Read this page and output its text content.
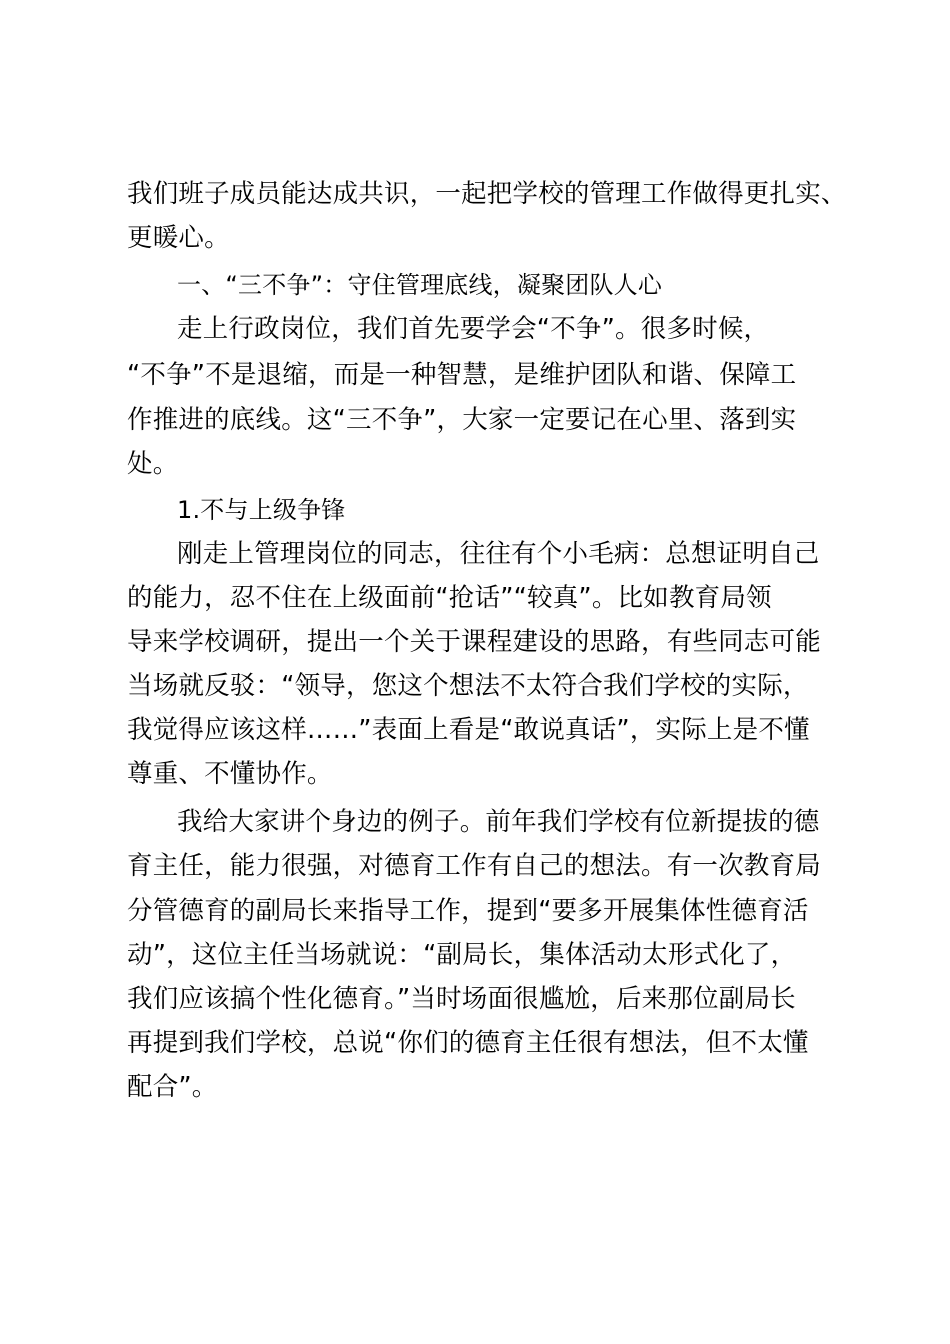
我们班子成员能达成共识，一起把学校的管理工作做得更扎实、
更暖心。
一、“三不争”：守住管理底线，凝聚团队人心
走上行政岗位，我们首先要学会“不争”。很多时候，
“不争”不是退缩，而是一种智慧，是维护团队和谐、保障工
作推进的底线。这“三不争”，大家一定要记在心里、落到实
处。
1.不与上级争锋
刚走上管理岗位的同志，往往有个小毛病：总想证明自己
的能力，忍不住在上级面前“抢话”“较真”。比如教育局领
导来学校调研，提出一个关于课程建设的思路，有些同志可能
当场就反驳：“领导，您这个想法不太符合我们学校的实际，
我觉得应该这样……”表面上看是“敢说真话”，实际上是不懂
尊重、不懂协作。
我给大家讲个身边的例子。前年我们学校有位新提拔的德
育主任，能力很强，对德育工作有自己的想法。有一次教育局
分管德育的副局长来指导工作，提到“要多开展集体性德育活
动”，这位主任当场就说：“副局长，集体活动太形式化了，
我们应该搞个性化德育。”当时场面很尴尬，后来那位副局长
再提到我们学校，总说“你们的德育主任很有想法，但不太懂
配合”。
